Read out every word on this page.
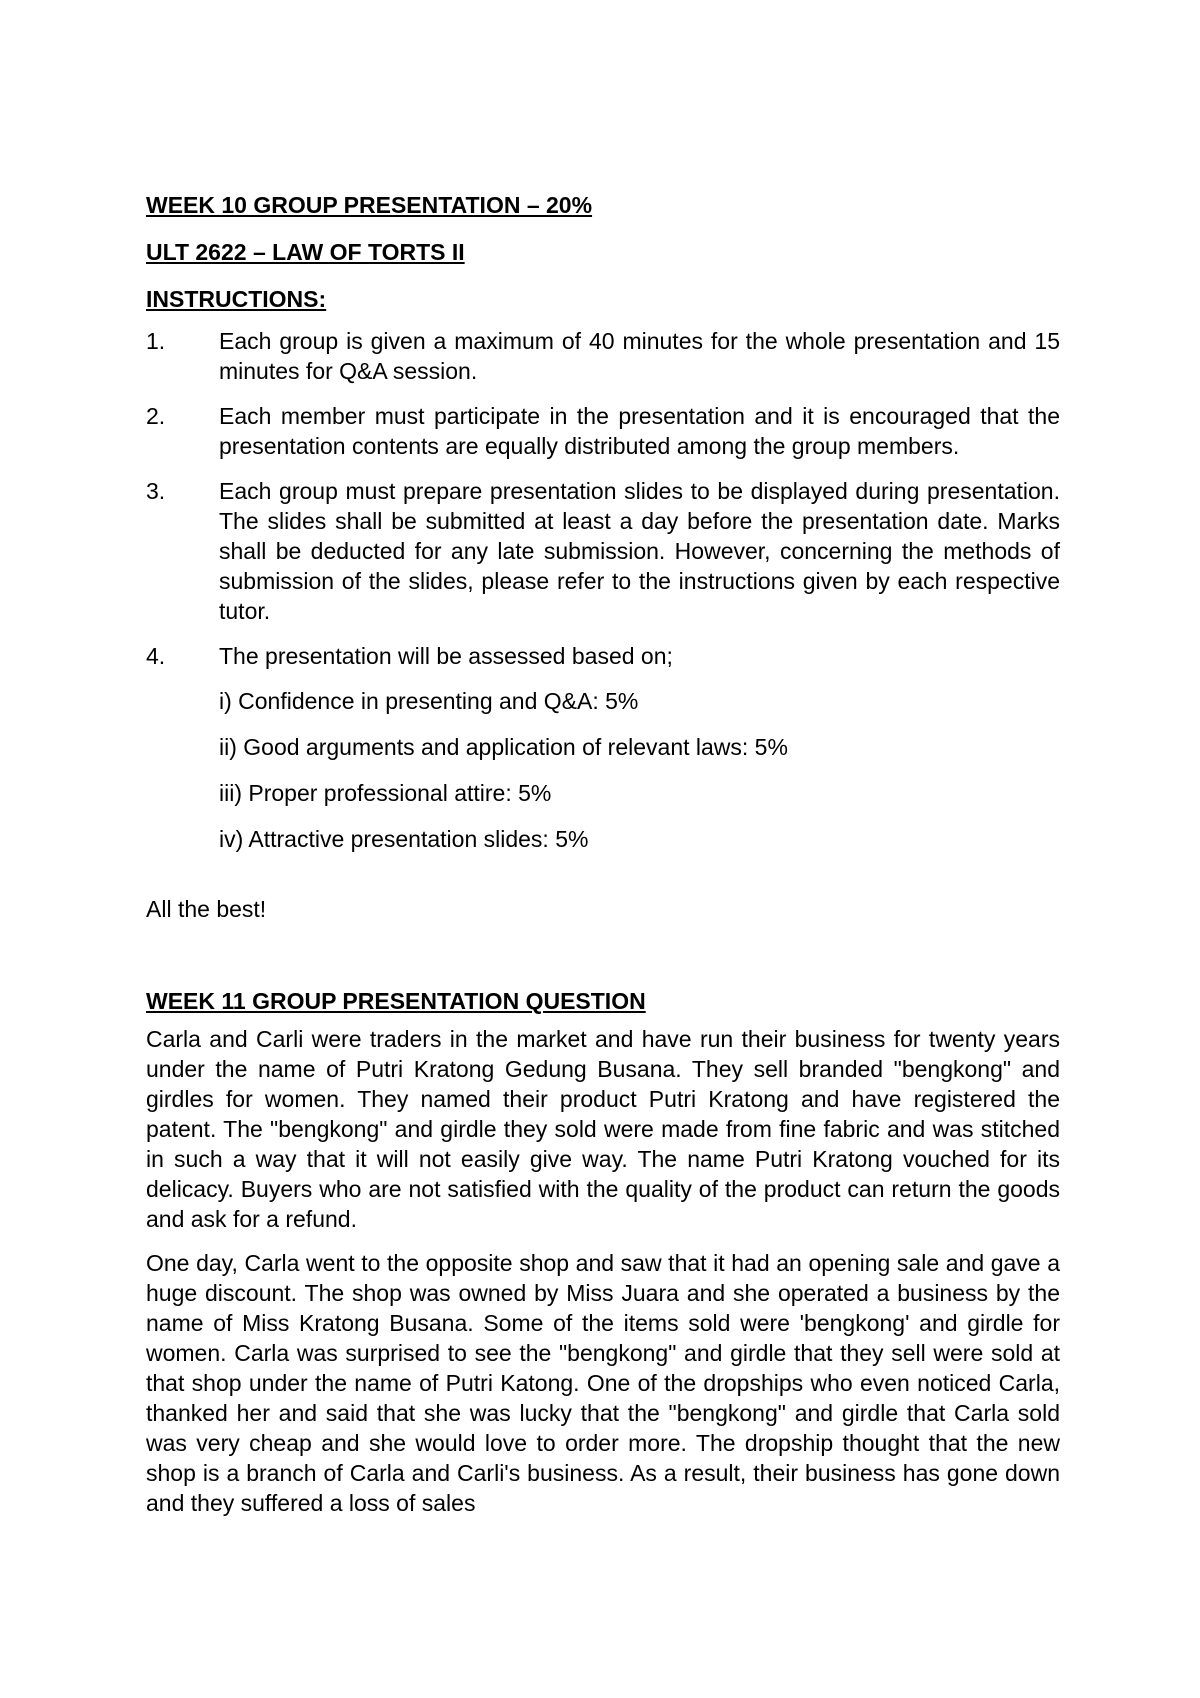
WEEK 10 GROUP PRESENTATION – 20%

ULT 2622 – LAW OF TORTS II

INSTRUCTIONS:

1.	Each group is given a maximum of 40 minutes for the whole presentation and 15 minutes for Q&A session.
2.	Each member must participate in the presentation and it is encouraged that the presentation contents are equally distributed among the group members.
3.	Each group must prepare presentation slides to be displayed during presentation. The slides shall be submitted at least a day before the presentation date. Marks shall be deducted for any late submission. However, concerning the methods of submission of the slides, please refer to the instructions given by each respective tutor.
4.	The presentation will be assessed based on;
i) Confidence in presenting and Q&A: 5%
ii) Good arguments and application of relevant laws: 5%
iii) Proper professional attire: 5%
iv) Attractive presentation slides: 5%

All the best!

WEEK 11 GROUP PRESENTATION QUESTION

Carla and Carli were traders in the market and have run their business for twenty years under the name of Putri Kratong Gedung Busana. They sell branded "bengkong" and girdles for women. They named their product Putri Kratong and have registered the patent. The "bengkong" and girdle they sold were made from fine fabric and was stitched in such a way that it will not easily give way. The name Putri Kratong vouched for its delicacy. Buyers who are not satisfied with the quality of the product can return the goods and ask for a refund.

One day, Carla went to the opposite shop and saw that it had an opening sale and gave a huge discount. The shop was owned by Miss Juara and she operated a business by the name of Miss Kratong Busana. Some of the items sold were 'bengkong' and girdle for women. Carla was surprised to see the "bengkong" and girdle that they sell were sold at that shop under the name of Putri Katong. One of the dropships who even noticed Carla, thanked her and said that she was lucky that the "bengkong" and girdle that Carla sold was very cheap and she would love to order more. The dropship thought that the new shop is a branch of Carla and Carli's business. As a result, their business has gone down and they suffered a loss of sales
